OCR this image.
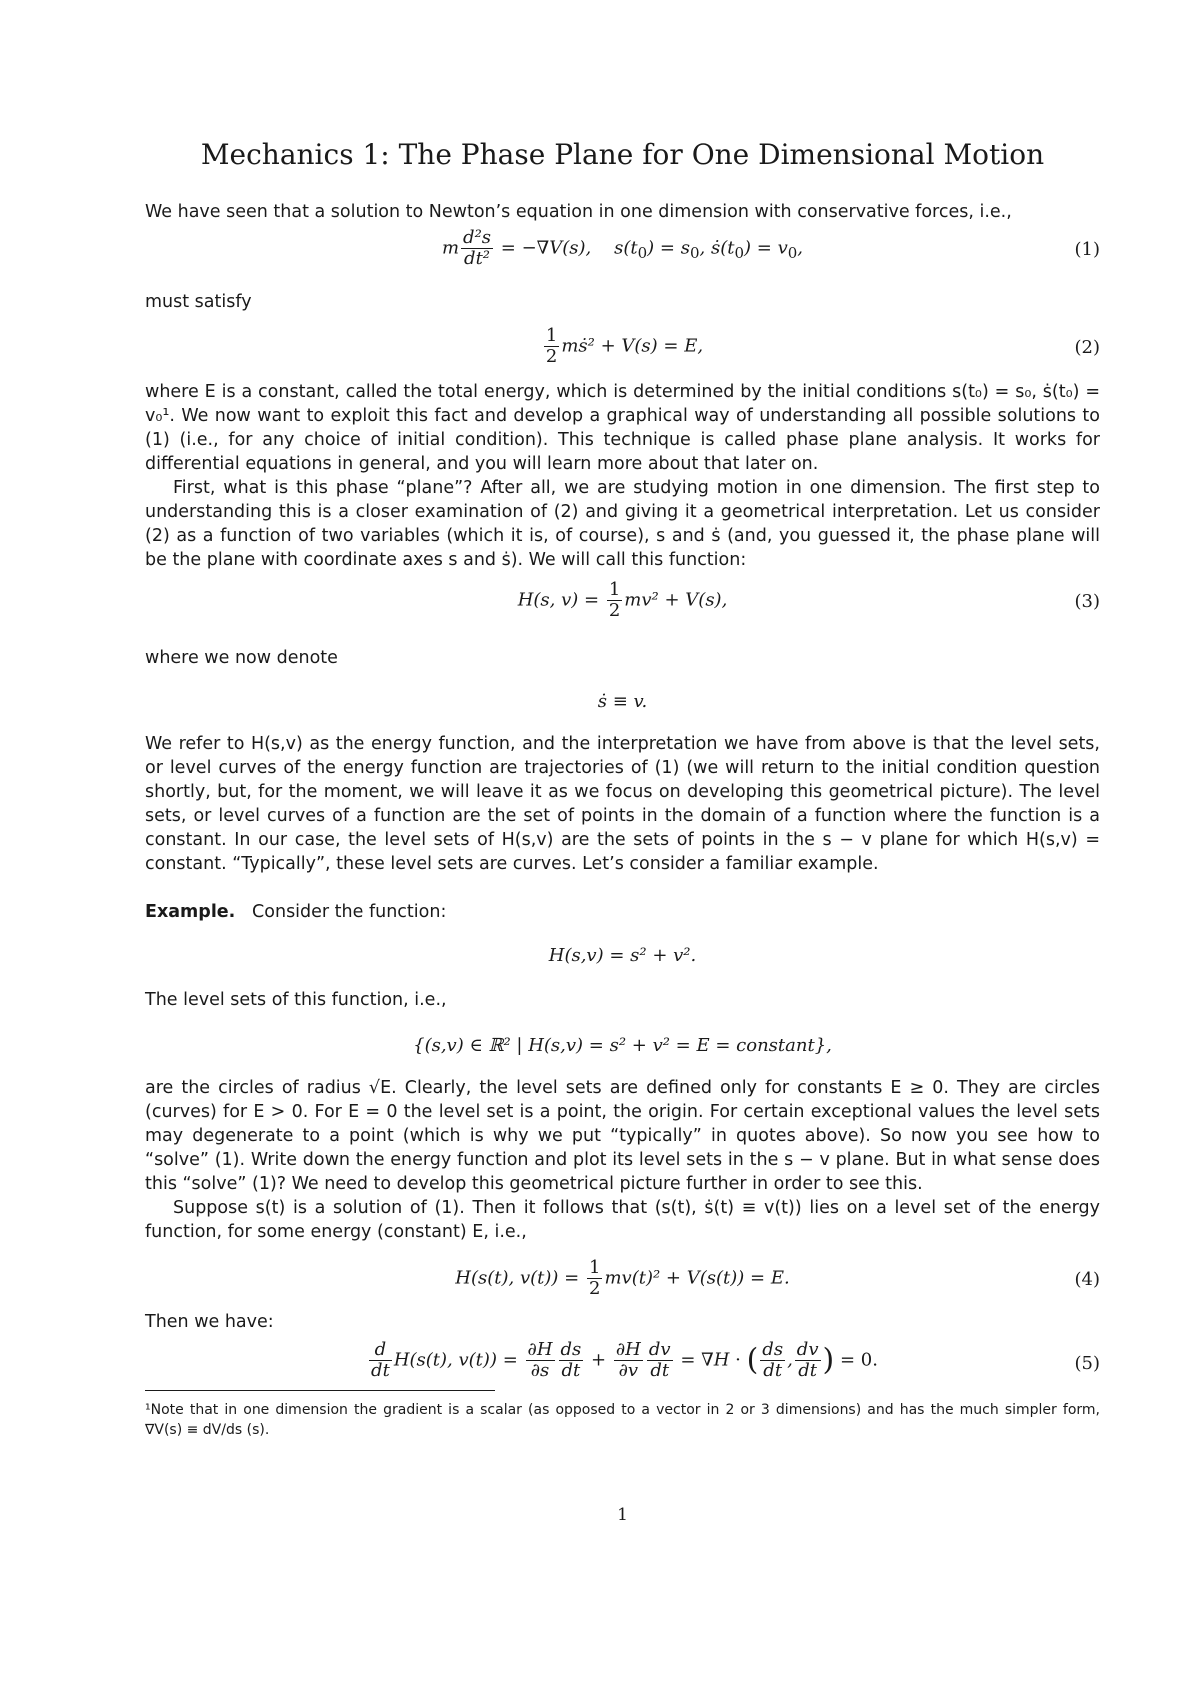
Mechanics 1: The Phase Plane for One Dimensional Motion
We have seen that a solution to Newton’s equation in one dimension with conservative forces, i.e.,
m $\frac{\text{d²s}}{\text{dt²}} = -\nabla V(s)$,    $s(t_0) = s_0$, $ṡ(t_0) = v_0$,	(1)
must satisfy
$\frac{1}{2}$ mṡ² + V(s) = E,	(2)
where E is a constant, called the total energy, which is determined by the initial conditions s(t₀) = s₀, ṡ(t₀) = v₀¹. We now want to exploit this fact and develop a graphical way of understanding all possible solutions to (1) (i.e., for any choice of initial condition). This technique is called phase plane analysis. It works for differential equations in general, and you will learn more about that later on.
First, what is this phase “plane”? After all, we are studying motion in one dimension. The first step to understanding this is a closer examination of (2) and giving it a geometrical interpretation. Let us consider (2) as a function of two variables (which it is, of course), s and ṡ (and, you guessed it, the phase plane will be the plane with coordinate axes s and ṡ). We will call this function:
H(s, $v) = \frac{1}{2} mv^2 + V(s)$,	(3)
where we now denote
ṡ ≡ v.
We refer to H(s,v) as the energy function, and the interpretation we have from above is that the level sets, or level curves of the energy function are trajectories of (1) (we will return to the initial condition question shortly, but, for the moment, we will leave it as we focus on developing this geometrical picture). The level sets, or level curves of a function are the set of points in the domain of a function where the function is a constant. In our case, the level sets of H(s,v) are the sets of points in the s − v plane for which H(s,v) = constant. “Typically”, these level sets are curves. Let’s consider a familiar example.
Example. Consider the function:
H(s,v) = s² + v².
The level sets of this function, i.e.,
{(s,v) ∈ ℝ² | H(s,v) = s² + v² = E = constant},
are the circles of radius √E. Clearly, the level sets are defined only for constants E ≥ 0. They are circles (curves) for E > 0. For E = 0 the level set is a point, the origin. For certain exceptional values the level sets may degenerate to a point (which is why we put “typically” in quotes above). So now you see how to “solve” (1). Write down the energy function and plot its level sets in the s − v plane. But in what sense does this “solve” (1)? We need to develop this geometrical picture further in order to see this.
Suppose s(t) is a solution of (1). Then it follows that (s(t), ṡ(t) ≡ v(t)) lies on a level set of the energy function, for some energy (constant) E, i.e.,
H(s(t), $v(t)) = \frac{1}{2} mv(t)^2 + V(s(t)) = E$.	(4)
Then we have:
$\frac{d}{dt} H(s(t)$, $v(t)) = \frac{\partial H}{\partial s} \frac{ds}{dt} + \frac{\partial H}{\partial v} \frac{dv}{dt} = \nabla H$ · ( $\frac{ds}{dt}$ , $\frac{dv}{dt}$ ) = 0.	(5)
¹Note that in one dimension the gradient is a scalar (as opposed to a vector in 2 or 3 dimensions) and has the much simpler form, ∇V(s) ≡ dV/ds (s).
1
